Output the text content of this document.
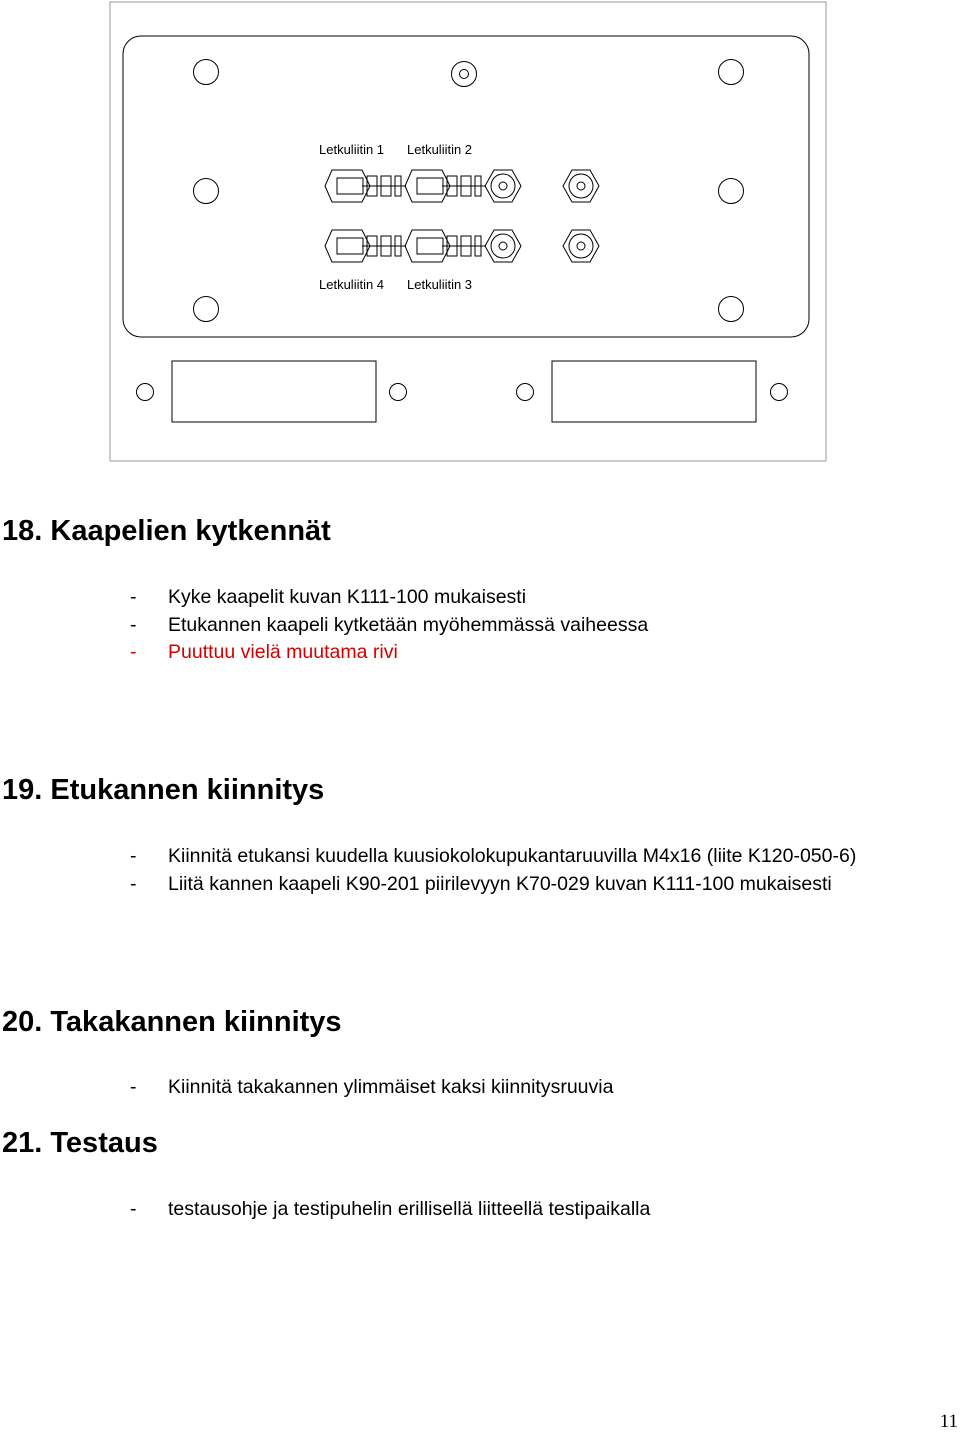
Letkuliitin 1 Letkuliitin 2
Letkuliitin 4 Letkuliitin 3
18. Kaapelien kytkennät
- Kyke kaapelit kuvan K111-100 mukaisesti
- Etukannen kaapeli kytketään myöhemmässä vaiheessa
- Puuttuu vielä muutama rivi
19. Etukannen kiinnitys
- Kiinnitä etukansi kuudella kuusiokolokupukantaruuvilla M4x16 (liite K120-050-6)
- Liitä kannen kaapeli K90-201 piirilevyyn K70-029 kuvan K111-100 mukaisesti
20. Takakannen kiinnitys
- Kiinnitä takakannen ylimmäiset kaksi kiinnitysruuvia
21. Testaus
- testausohje ja testipuhelin erillisellä liitteellä testipaikalla
11
